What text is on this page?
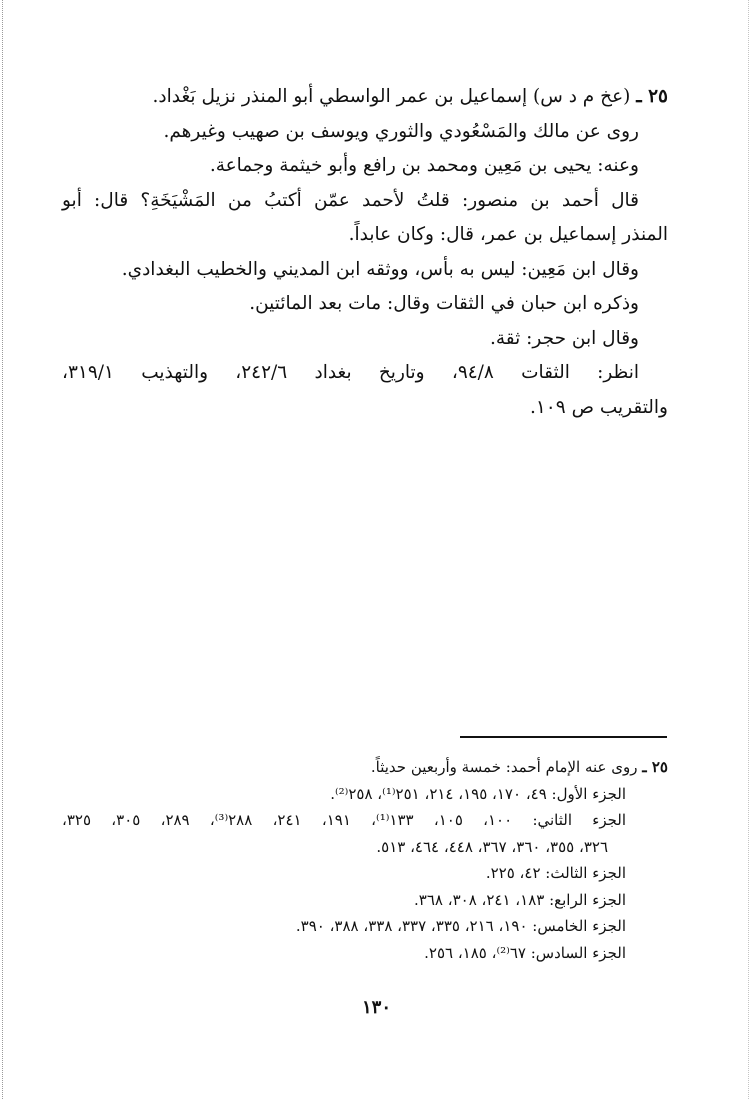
٢٥ ـ (عخ م د س) إسماعيل بن عمر الواسطي أبو المنذر نزيل بَغْداد.
روى عن مالك والمَسْعُودي والثوري ويوسف بن صهيب وغيرهم.
وعنه: يحيى بن مَعِين ومحمد بن رافع وأبو خيثمة وجماعة.
قال أحمد بن منصور: قلتُ لأحمد عمّن أكتبُ من المَشْيَخَةِ؟ قال: أبو
المنذر إسماعيل بن عمر، قال: وكان عابداً.
وقال ابن مَعِين: ليس به بأس، ووثقه ابن المديني والخطيب البغدادي.
وذكره ابن حبان في الثقات وقال: مات بعد المائتين.
وقال ابن حجر: ثقة.
انظر: الثقات ٩٤/٨، وتاريخ بغداد ٢٤٢/٦، والتهذيب ٣١٩/١،
والتقريب ص ١٠٩.
٢٥ ـ روى عنه الإمام أحمد: خمسة وأربعين حديثاً.
الجزء الأول: ٤٩، ١٧٠، ١٩٥، ٢١٤، ٢٥١⁽¹⁾، ٢٥٨⁽²⁾.
الجزء الثاني: ١٠٠، ١٠٥، ١٣٣⁽¹⁾، ١٩١، ٢٤١، ٢٨٨⁽³⁾، ٢٨٩، ٣٠٥، ٣٢٥،
٣٢٦، ٣٥٥، ٣٦٠، ٣٦٧، ٤٤٨، ٤٦٤، ٥١٣.
الجزء الثالث: ٤٢، ٢٢٥.
الجزء الرابع: ١٨٣، ٢٤١، ٣٠٨، ٣٦٨.
الجزء الخامس: ١٩٠، ٢١٦، ٣٣٥، ٣٣٧، ٣٣٨، ٣٨٨، ٣٩٠.
الجزء السادس: ٦٧⁽²⁾، ١٨٥، ٢٥٦.
١٣٠
